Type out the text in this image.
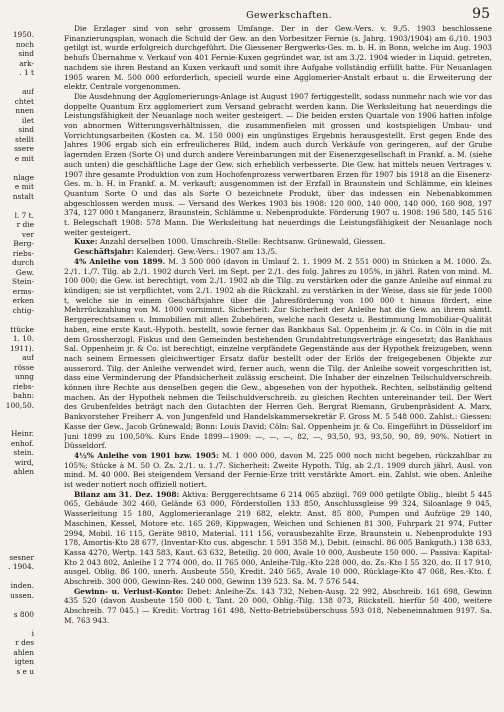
Gewerkschaften.	95
1950.
noch
sind
ark-
. 1 t

auf
chtet
nnen
ilet
sind
stellt
ssere
e mit

nlage
e mit
nstalt

l. 7 t.
r die
ver
Berg-
riebs-
durch
Gew.
Stein-
erms-
erken
chtig-

ttücke
1. 10.
1911).
auf
rösse
unng
riebs-
bahn:
100,50.

Heinr.
enhof.
stein.
wird,
ahlen

sesner
. 1904.

inden.
ussen.

s 800

i
r des
ahlen
igten
s e u

Die Erzlager sind von sehr grossem Umfange. Der in der Gew.-Vers. v. 9./5. 1903 beschlossene Finanzierungsplan, wonach die Schuld der Gew. an den Vorbesitzer Fernie (s. Jahrg. 1903/1904) am 6./10. 1903 getilgt ist, wurde erfolgreich durchgeführt. Die Giessener Bergwerks-Ges. m. b. H. in Bonn, welche im Aug. 1903 behufs Übernahme v. Verkauf von 401 Fernie-Kuxen gegründet war, ist am 3./2. 1904 wieder in Liquid. getreten, nachdem sie ihren Bestand an Kuxen verkauft und somit ihre Aufgabe vollständig erfüllt hatte. Für Neuanlagen 1905 waren M. 500 000 erforderlich, speciell wurde eine Agglomerier-Anstalt erbaut u. die Erweiterung der elektr. Centrale vorgenommen.

Die Ausdehnung der Agglomerierungs-Anlage ist August 1907 fertiggestellt, sodass nunmehr nach wie vor das doppelte Quantum Erz agglomeriert zum Versand gebracht werden kann. Die Werksleitung hat neuerdings die Leistungsfähigkeit der Neuanlage noch weiter gesteigert. — Die beiden ersten Quartale von 1906 hatten infolge von abnormen Witterungsverhältnissen, die zusammenfielen mit grossen und kostspieligen Umbau- und Vorrichtungsarbeiten (Kosten ca. M. 150 000) ein ungünstiges Ergebnis herausgestellt. Erst gegen Ende des Jahres 1906 ergab sich ein erfreulicheres Bild, indem auch durch Verkäufe von geringeren, auf der Grube lagernden Erzen (Sorte O) und durch andere Vereinbarungen mit der Eisenerzgesellschaft in Frankf. a. M. (siehe auch unten) die geschäftliche Lage der Gew. sich erheblich verbesserte. Die Gew. hat mittels neuen Vertrages v. 1907 ihre gesamte Produktion von zum Hochofenprozess verwertbaren Erzen für 1907 bis 1918 an die Eisenerz-Ges. m. b. H. in Frankf. a. M. verkauft; ausgenommen ist der Erzfall in Braunstein und Schlämme, ein kleines Quantum Sorte O und das als Sorte O bezeichnete Produkt, über das indessen ein Nebenabkommen abgeschlossen werden muss. — Versand des Werkes 1903 bis 1908: 120 000, 140 000, 140 000, 160 908, 197 374, 127 000 t Manganerz, Braunstein, Schlämme u. Nebenprodukte. Förderung 1907 u. 1908: 196 580, 145 516 t. Belegschaft 1908: 578 Mann. Die Werksleitung hat neuerdings die Leistungsfähigkeit der Neuanlage noch weiter gesteigert.

Kuxe: Anzahl derselben 1000. Umschreib.-Stelle: Rechtsanw. Grünewald, Giessen.

Geschäftsjahr: Kalenderj. Gew.-Vers.: 1907 am 13./5.

4% Anleihe von 1899. M. 3 500 000 (davon in Umlauf 2. 1. 1909 M. 2 551 000) in Stücken a M. 1000. Zs. 2./1. 1./7. Tilg. ab 2./1. 1902 durch Verl. im Sept. per 2./1. des folg. Jahres zu 105%, in jährl. Raten von mind. M. 100 000; die Gew. ist berechtigt, vom 2./1. 1902 ab die Tilg. zu verstärken oder die ganze Anleihe auf einmal zu kündigen; sie ist verpflichtet, vom 2./1. 1902 ab die Rückzahl. zu verstärken in der Weise, dass sie für jede 1000 t, welche sie in einem Geschäftsjahre über die Jahresförderung von 100 000 t hinaus fördert, eine Mehrrückzahlung von M. 1000 vornimmt. Sicherheit: Zur Sicherheit der Anleihe hat die Gew. an ihrem sämtl. Berggerechtsamen u. Immobilien mit allen Zubehören, welche nach Gesetz u. Bestimmung Immobiliar-Qualität haben, eine erste Kaut.-Hypoth. bestellt, sowie ferner das Bankhaus Sal. Oppenheim jr. & Co. in Cöln in die mit dem Grossherzogl. Fiskus und den Gemeinden bestehenden Grundabtretungsverträge eingesetzt; das Bankhaus Sal. Oppenheim jr. & Co. ist berechtigt, einzelne verpfändete Gegenstände aus der Hypothek freizugeben, wenn nach seinem Ermessen gleichwertiger Ersatz dafür bestellt oder der Erlös der freigegebenen Objekte zur ausserord. Tilg. der Anleihe verwendet wird, ferner auch, wenn die Tilg. der Anleihe soweit vorgeschritten ist, dass eine Verminderung der Pfandsicherheit zulässig erscheint. Die Inhaber der einzelnen Teilschuldverschreib. können ihre Rechte aus denselben gegen die Gew., abgesehen von der hypothek. Rechten, selbständig geltend machen. An der Hypothek nehmen die Teilschuldverschreib. zu gleichen Rechten untereinander teil. Der Wert des Grubenfeldes beträgt nach den Gutachten der Herren Geh. Bergrat Riemann, Grubenpräsident A. Marx, Bankvorsteher Freiherr A. von Jungenfeld und Handelskammersekretär F. Gross M. 5 548 000. Zahlst.: Giessen: Kasse der Gew., Jacob Grünewald; Bonn: Louis David; Cöln: Sal. Oppenheim jr. & Co. Eingeführt in Düsseldorf im Juni 1899 zu 100,50%. Kurs Ende 1899—1909: —, —, —, 82, —, 93,50, 93, 93,50, 90, 89, 90%. Notiert in Düsseldorf.

4½% Anleihe von 1901 bzw. 1905: M. 1 000 000, davon M. 225 000 noch nicht begeben, rückzahlbar zu 105%; Stücke à M. 50 O. Zs. 2./1. u. 1./7. Sicherheit: Zweite Hypoth. Tilg. ab 2./1. 1909 durch jährl. Ausl. von mind. M. 40 000. Bei steigendem Versand der Fernie-Erze tritt verstärkte Amort. ein. Zahlst. wie oben. Anleihe ist weder notiert noch offiziell notiert.

Bilanz am 31. Dez. 1908: Aktiva: Berggerechtsame 6 214 065 abzügl. 769 000 getilgte Oblig., bleibt 5 445 065, Gebäude 302 460, Gelände 63 000, Förderstollen 133 850, Anschlussgleise 99 324, Siloanlage 9 045, Wasserleitung 15 180, Agglomerieranlage 219 682, elektr. Anst. 85 800, Pumpen und Aufzüge 29 140, Maschinen, Kessel, Motore etc. 165 269, Kippwagen, Weichen und Schienen 81 300, Fuhrpark 21 974, Futter 2994, Mobil. 16 115, Geräte 9810, Material. 111 156, vorausbezahlte Erze, Braunstein u. Nebenprodukte 193 178, Amortis-Kto 28 677, (Inventar-Kto cus. abgeschr. 1 591 358 M.), Debit. (einschl. 86 005 Bankguth.) 138 633, Kassa 4270, Wertp. 143 583, Kaut. 63 632, Beteilig. 20 000, Avale 10 000, Ausbeute 150 000. — Passiva: Kapital-Kto 2 043 802, Anleihe I 2 774 000, do. II 765 000, Anleihe-Tilg.-Kto 228 000, do. Zs.-Kto I 55 320, do. II 17 910, ausgel. Oblig. 86 100, unerh. Ausbeute 550, Kredit. 240 565, Avale 10 000, Rücklage-Kto 47 068, Res.-Kto. f. Abschreib. 300 000, Gewinn-Res. 240 000, Gewinn 139 523. Sa. M. 7 576 544.

Gewinn- u. Verlust-Konto: Debet: Anleihe-Zs. 143 732, Neben-Ausg. 22 992, Abschreib. 161 698, Gewinn 435 520 (davon Ausbeute 150 000 t, Tant. 20 000, Oblig.-Tilg. 138 073, Rückstell. hierfür 50 400, weitere Abschreib. 77 045.) — Kredit: Vortrag 161 498, Netto-Betriebsüberschuss 593 018, Nebeneinnahmen 9197. Sa. M. 763 943.
